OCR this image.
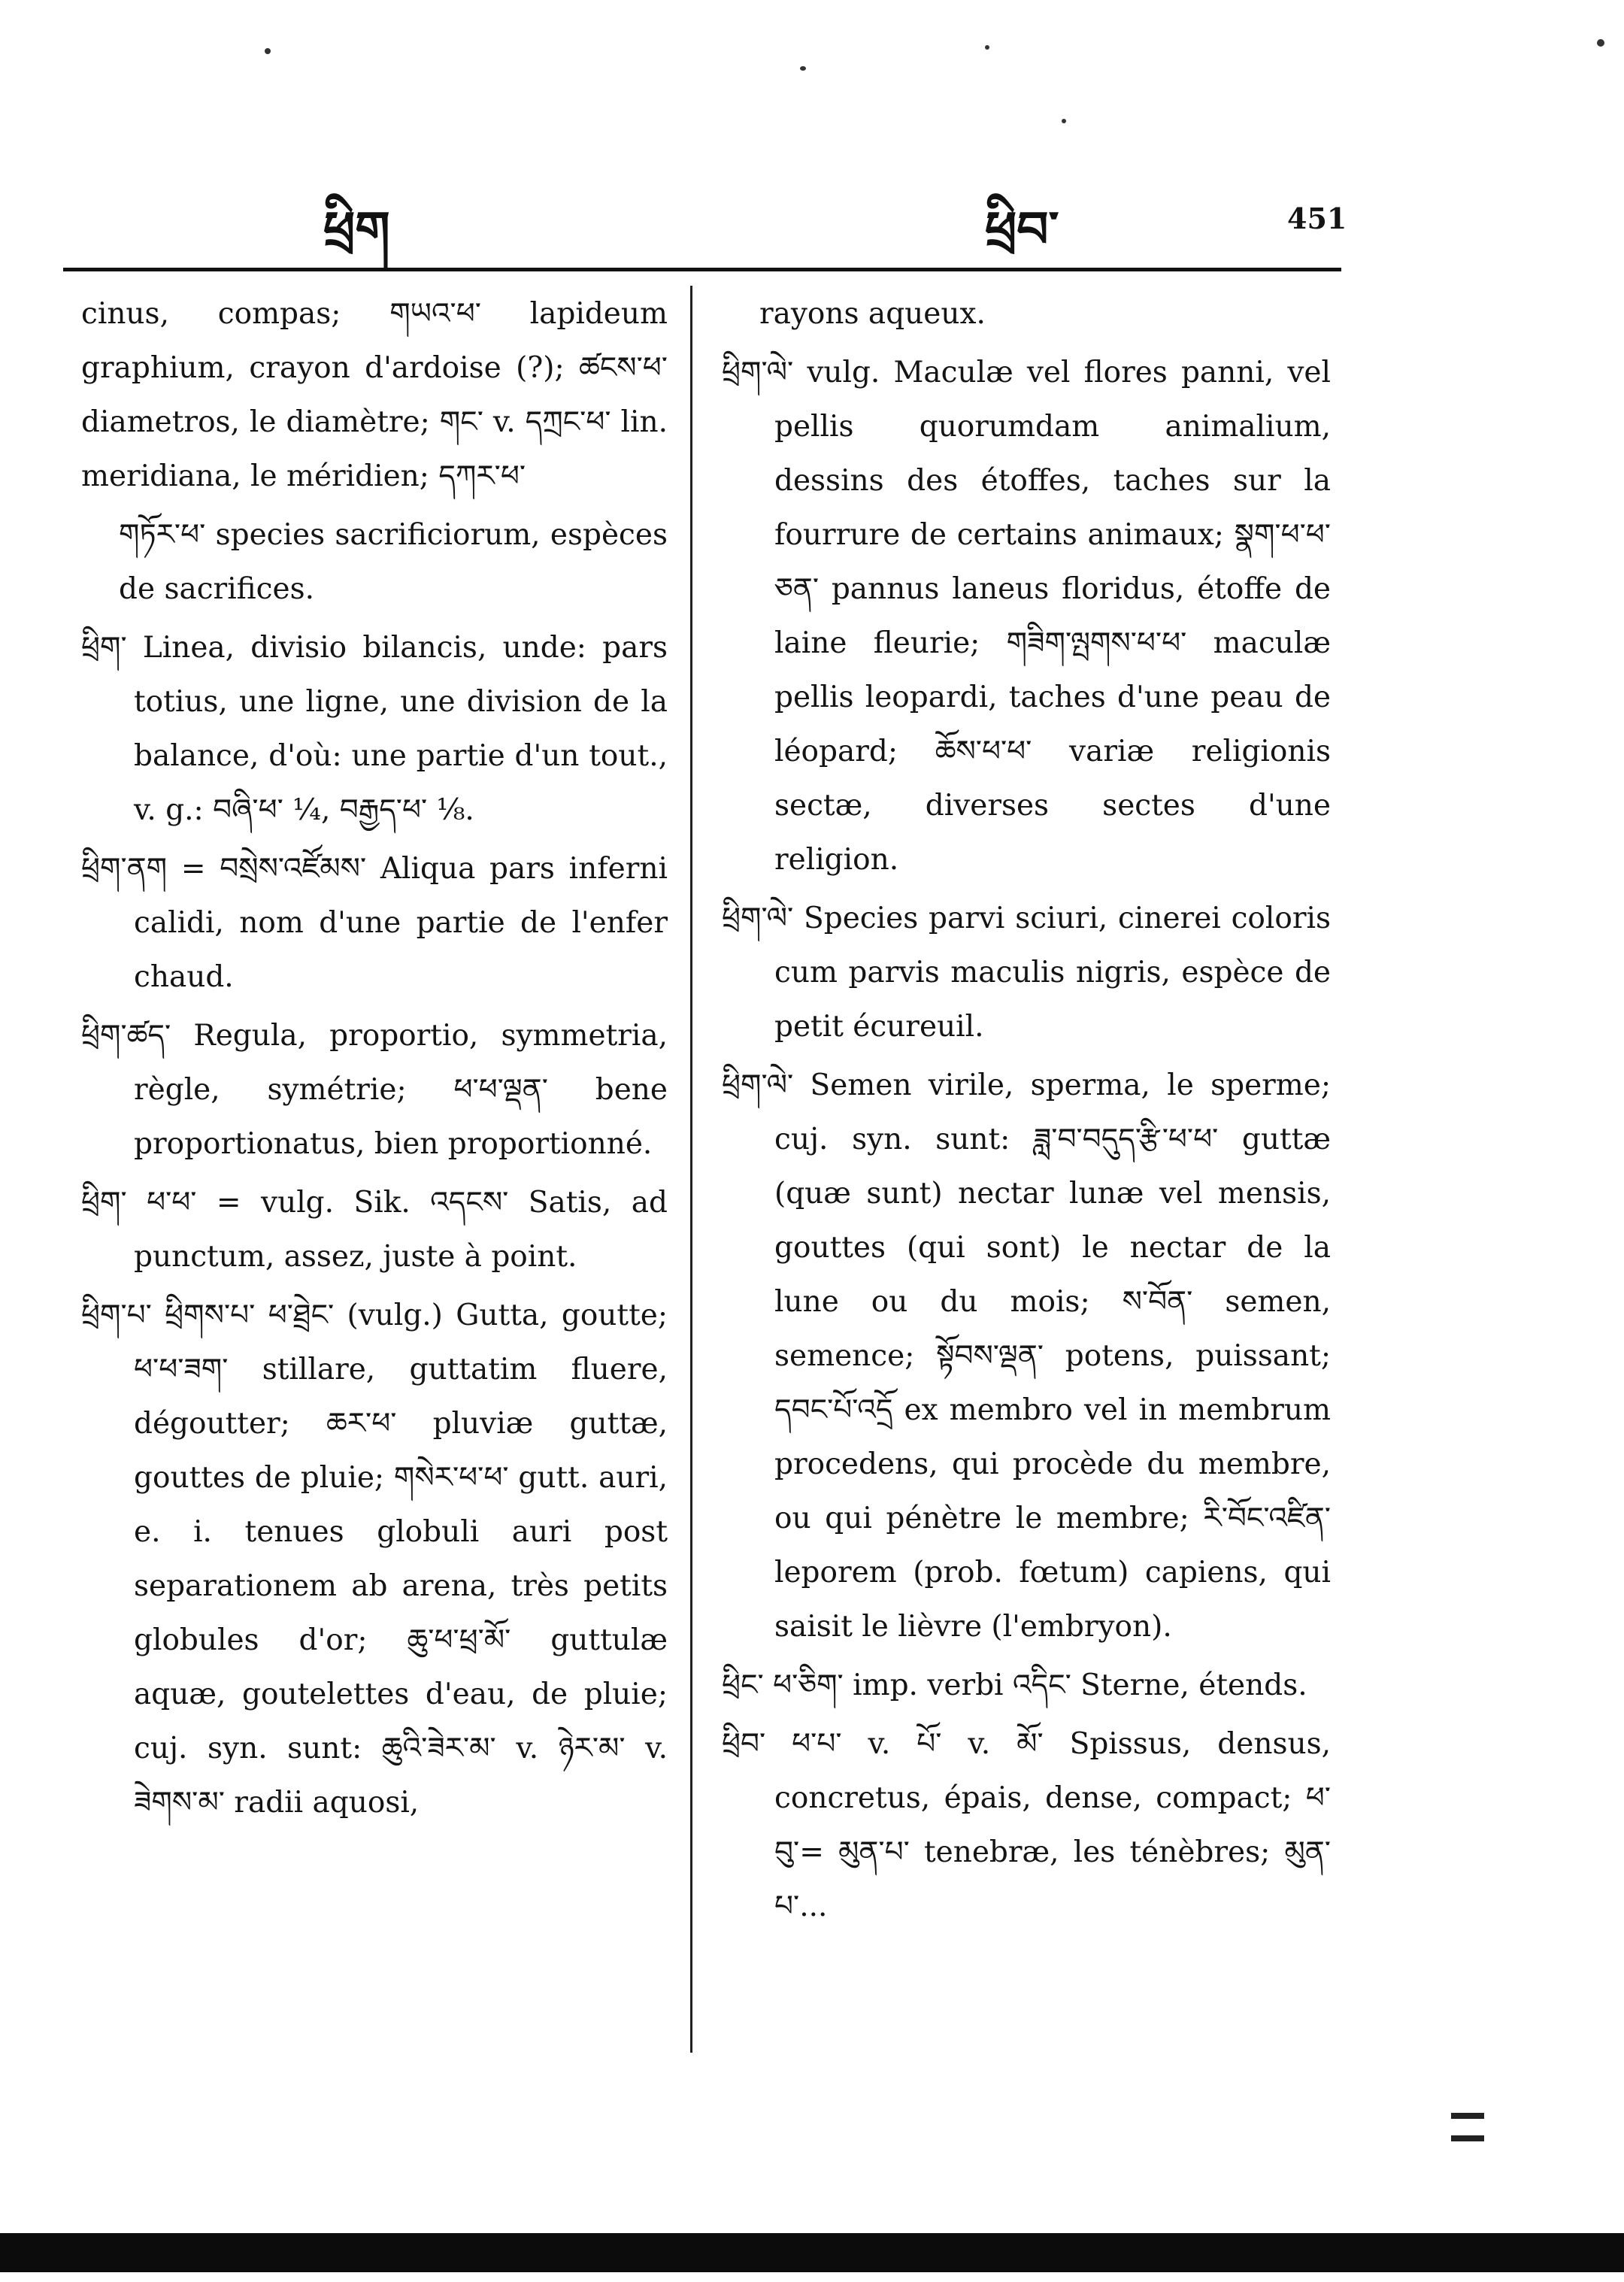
ཕྲིག	ཕྲིབ་	451

cinus, compas; གཡའ་ཕ་ lapideum graphium, crayon d'ardoise (?); ཚངས་ཕ་ diametros, le diamètre; གང་ v. དཀྲང་ཕ་ lin. meridiana, le méridien; དཀར་ཕ་

གཏོར་ཕ་ species sacrificiorum, espèces de sacrifices.

ཕྲིག་ Linea, divisio bilancis, unde: pars totius, une ligne, une division de la balance, d'où: une partie d'un tout., v. g.: བཞི་ཕ་ ¼, བརྒྱད་ཕ་ ⅛.

ཕྲིག་ནག = བསྲེས་འཛོམས་ Aliqua pars inferni calidi, nom d'une partie de l'enfer chaud.

ཕྲིག་ཚད་ Regula, proportio, symmetria, règle, symétrie; ཕ་ཕ་ལྡན་ bene proportionatus, bien proportionné.

ཕྲིག་ ཕ་ཕ་ = vulg. Sik. འདངས་ Satis, ad punctum, assez, juste à point.

ཕྲིག་པ་ ཕྲིགས་པ་ ཕ་ཐྲེང་ (vulg.) Gutta, goutte; ཕ་ཕ་ཟག་ stillare, guttatim fluere, dégoutter; ཆར་ཕ་ pluviæ guttæ, gouttes de pluie; གསེར་ཕ་ཕ་ gutt. auri, e. i. tenues globuli auri post separationem ab arena, très petits globules d'or; ཆུ་ཕ་ཕྲ་མོ་ guttulæ aquæ, goutelettes d'eau, de pluie; cuj. syn. sunt: ཆུའི་ཟེར་མ་ v. ཉེར་མ་ v. ཟེགས་མ་ radii aquosi,

rayons aqueux.

ཕྲིག་ལེ་ vulg. Maculæ vel flores panni, vel pellis quorumdam animalium, dessins des étoffes, taches sur la fourrure de certains animaux; སྣག་ཕ་ཕ་ཅན་ pannus laneus floridus, étoffe de laine fleurie; གཟིག་ལྤགས་ཕ་ཕ་ maculæ pellis leopardi, taches d'une peau de léopard; ཆོས་ཕ་ཕ་ variæ religionis sectæ, diverses sectes d'une religion.

ཕྲིག་ལེ་ Species parvi sciuri, cinerei coloris cum parvis maculis nigris, espèce de petit écureuil.

ཕྲིག་ལེ་ Semen virile, sperma, le sperme; cuj. syn. sunt: ཟླ་བ་བདུད་རྩི་ཕ་ཕ་ guttæ (quæ sunt) nectar lunæ vel mensis, gouttes (qui sont) le nectar de la lune ou du mois; ས་བོན་ semen, semence; སྟོབས་ལྡན་ potens, puissant; དབང་པོ་འདྲོ ex membro vel in membrum procedens, qui procède du membre, ou qui pénètre le membre; རི་བོང་འཛིན་ leporem (prob. fœtum) capiens, qui saisit le lièvre (l'embryon).

ཕྲིང་ ཕ་ཅིག་ imp. verbi འདིང་ Sterne, étends.

ཕྲིབ་ ཕ་པ་ v. པོ་ v. མོ་ Spissus, densus, concretus, épais, dense, compact; ཕ་བུ་= མུན་པ་ tenebræ, les ténèbres; མུན་པ་...
